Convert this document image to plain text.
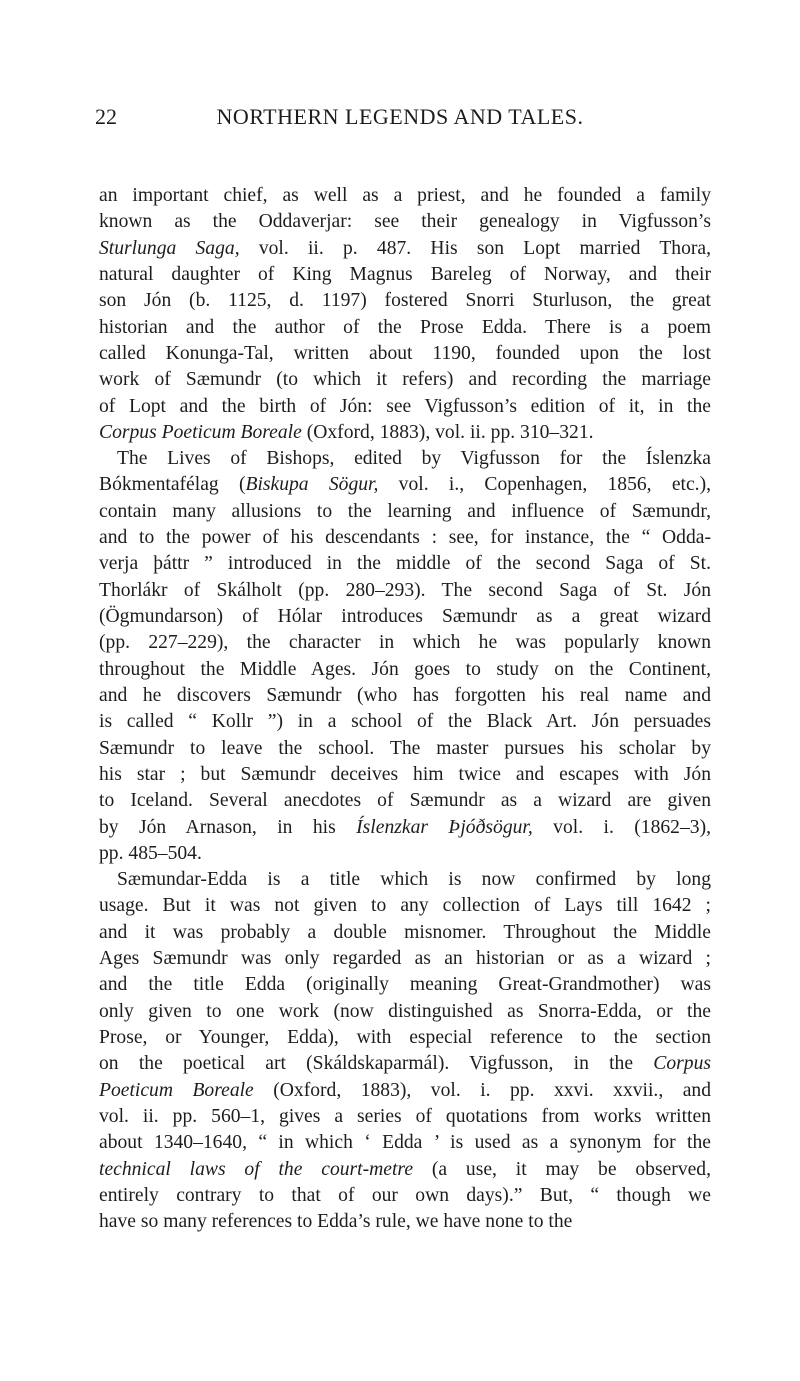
NORTHERN LEGENDS AND TALES.
22
an important chief, as well as a priest, and he founded a family
known as the Oddaverjar: see their genealogy in Vigfusson’s
Sturlunga Saga, vol. ii. p. 487. His son Lopt married Thora,
natural daughter of King Magnus Bareleg of Norway, and their
son Jón (b. 1125, d. 1197) fostered Snorri Sturluson, the great
historian and the author of the Prose Edda. There is a poem
called Konunga-Tal, written about 1190, founded upon the lost
work of Sæmundr (to which it refers) and recording the marriage
of Lopt and the birth of Jón: see Vigfusson’s edition of it, in the
Corpus Poeticum Boreale (Oxford, 1883), vol. ii. pp. 310–321.
The Lives of Bishops, edited by Vigfusson for the Íslenzka
Bókmentafélag (Biskupa Sögur, vol. i., Copenhagen, 1856, etc.),
contain many allusions to the learning and influence of Sæmundr,
and to the power of his descendants : see, for instance, the “ Odda-
verja þáttr ” introduced in the middle of the second Saga of St.
Thorlákr of Skálholt (pp. 280–293). The second Saga of St. Jón
(Ögmundarson) of Hólar introduces Sæmundr as a great wizard
(pp. 227–229), the character in which he was popularly known
throughout the Middle Ages. Jón goes to study on the Continent,
and he discovers Sæmundr (who has forgotten his real name and
is called “ Kollr ”) in a school of the Black Art. Jón persuades
Sæmundr to leave the school. The master pursues his scholar by
his star ; but Sæmundr deceives him twice and escapes with Jón
to Iceland. Several anecdotes of Sæmundr as a wizard are given
by Jón Arnason, in his Íslenzkar Þjóðsögur, vol. i. (1862–3),
pp. 485–504.
Sæmundar-Edda is a title which is now confirmed by long
usage. But it was not given to any collection of Lays till 1642 ;
and it was probably a double misnomer. Throughout the Middle
Ages Sæmundr was only regarded as an historian or as a wizard ;
and the title Edda (originally meaning Great-Grandmother) was
only given to one work (now distinguished as Snorra-Edda, or the
Prose, or Younger, Edda), with especial reference to the section
on the poetical art (Skáldskaparmál). Vigfusson, in the Corpus
Poeticum Boreale (Oxford, 1883), vol. i. pp. xxvi. xxvii., and
vol. ii. pp. 560–1, gives a series of quotations from works written
about 1340–1640, “ in which ‘ Edda ’ is used as a synonym for the
technical laws of the court-metre (a use, it may be observed,
entirely contrary to that of our own days).” But, “ though we
have so many references to Edda’s rule, we have none to the
